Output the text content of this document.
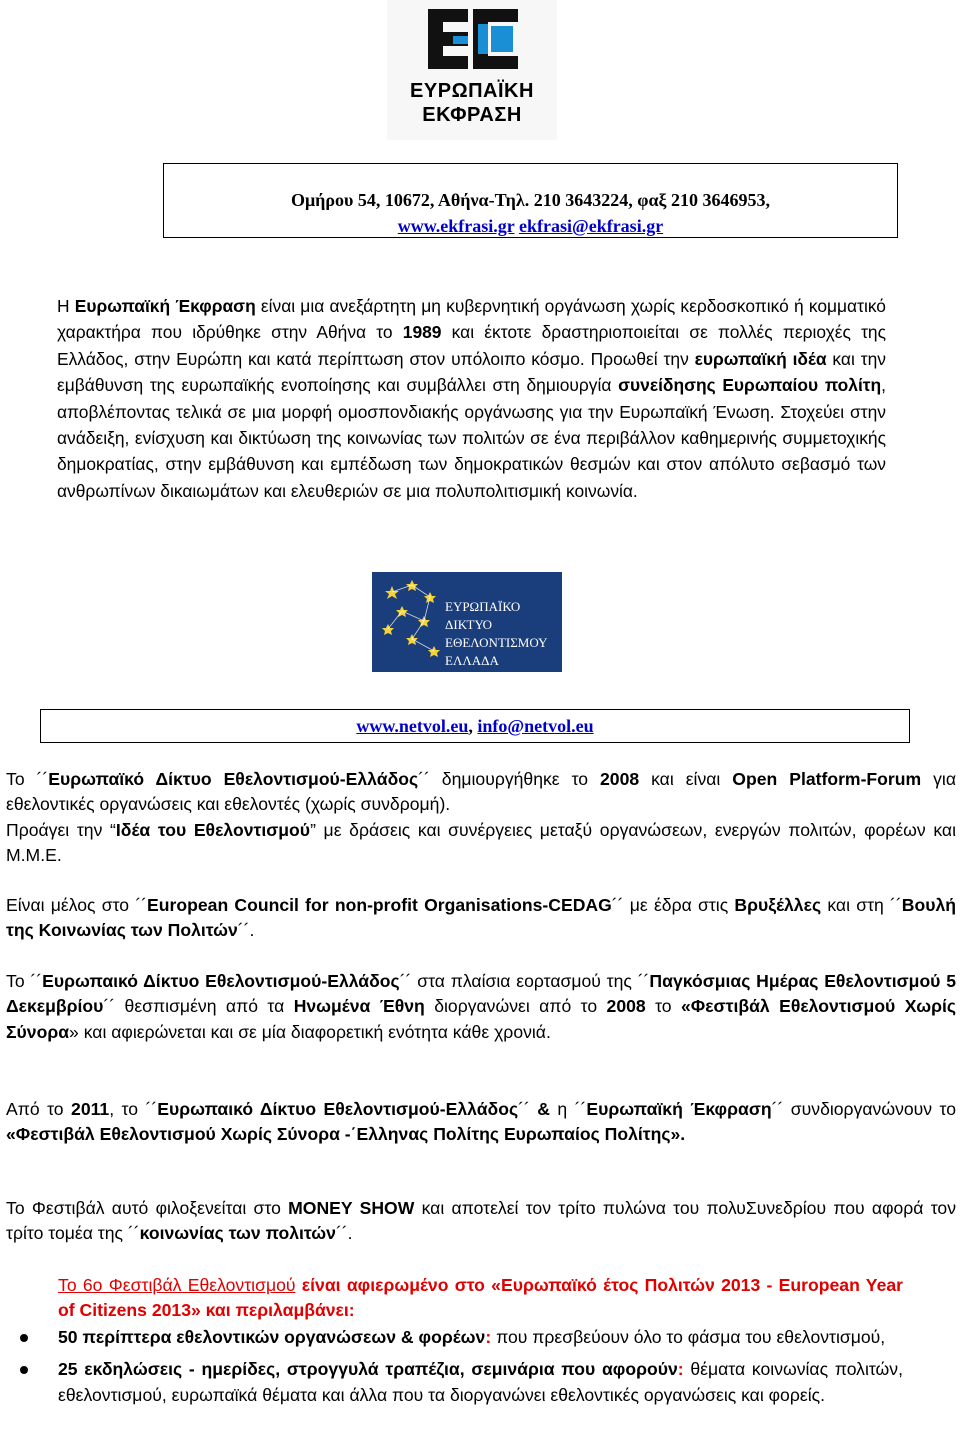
ΕΥΡΩΠΑΪΚΗ
ΕΚΦΡΑΣΗ
Ομήρου 54, 10672, Αθήνα-Τηλ. 210 3643224, φαξ 210 3646953,
www.ekfrasi.gr ekfrasi@ekfrasi.gr
Η Ευρωπαϊκή Έκφραση είναι μια ανεξάρτητη μη κυβερνητική οργάνωση χωρίς κερδοσκοπικό ή κομματικό χαρακτήρα που ιδρύθηκε στην Αθήνα το 1989 και έκτοτε δραστηριοποιείται σε πολλές περιοχές της Ελλάδος, στην Ευρώπη και κατά περίπτωση στον υπόλοιπο κόσμο. Προωθεί την ευρωπαϊκή ιδέα και την εμβάθυνση της ευρωπαϊκής ενοποίησης και συμβάλλει στη δημιουργία συνείδησης Ευρωπαίου πολίτη, αποβλέποντας τελικά σε μια μορφή ομοσπονδιακής οργάνωσης για την Ευρωπαϊκή Ένωση. Στοχεύει στην ανάδειξη, ενίσχυση και δικτύωση της κοινωνίας των πολιτών σε ένα περιβάλλον καθημερινής συμμετοχικής δημοκρατίας, στην εμβάθυνση και εμπέδωση των δημοκρατικών θεσμών και στον απόλυτο σεβασμό των ανθρωπίνων δικαιωμάτων και ελευθεριών σε μια πολυπολιτισμική κοινωνία.
ΕΥΡΩΠΑΪΚΟ
ΔΙΚΤΥΟ
ΕΘΕΛΟΝΤΙΣΜΟΥ
ΕΛΛΑΔΑ
www.netvol.eu, info@netvol.eu

Το ´´Ευρωπαϊκό Δίκτυο Εθελοντισμού-Ελλάδος´´ δημιουργήθηκε το 2008 και είναι Open Platform-Forum για εθελοντικές οργανώσεις και εθελοντές (χωρίς συνδρομή).

Προάγει την “Ιδέα του Εθελοντισμού” με δράσεις και συνέργειες μεταξύ οργανώσεων, ενεργών πολιτών, φορέων και Μ.Μ.Ε.

Είναι μέλος στο ´´European Council for non-profit Organisations-CEDAG´´ με έδρα στις Βρυξέλλες και στη ´´Βουλή της Κοινωνίας των Πολιτών´´.
Το ´´Ευρωπαικό Δίκτυο Εθελοντισμού-Ελλάδος´´ στα πλαίσια εορτασμού της ´´Παγκόσμιας Ημέρας Εθελοντισμού 5 Δεκεμβρίου´´ θεσπισμένη από τα Ηνωμένα Έθνη διοργανώνει από το 2008 το «Φεστιβάλ Εθελοντισμού Χωρίς Σύνορα» και αφιερώνεται και σε μία διαφορετική ενότητα κάθε χρονιά.
Από το 2011, το ´´Ευρωπαικό Δίκτυο Εθελοντισμού-Ελλάδος´´ & η ´´Ευρωπαϊκή Έκφραση´´ συνδιοργανώνουν το «Φεστιβάλ Εθελοντισμού Χωρίς Σύνορα -΄Ελληνας Πολίτης Ευρωπαίος Πολίτης».
Το Φεστιβάλ αυτό φιλοξενείται στο MONEY SHOW και αποτελεί τον τρίτο πυλώνα του πολυΣυνεδρίου που αφορά τον τρίτο τομέα της ´´κοινωνίας των πολιτών´´.
Το 6ο Φεστιβάλ Εθελοντισμού είναι αφιερωμένο στο «Ευρωπαϊκό έτος Πολιτών 2013 - European Year of Citizens 2013» και περιλαμβάνει:
50 περίπτερα εθελοντικών οργανώσεων & φορέων: που πρεσβεύουν όλο το φάσμα του εθελοντισμού,
25 εκδηλώσεις - ημερίδες, στρογγυλά τραπέζια, σεμινάρια που αφορούν: θέματα κοινωνίας πολιτών, εθελοντισμού, ευρωπαϊκά θέματα και άλλα που τα διοργανώνει εθελοντικές οργανώσεις και φορείς.
